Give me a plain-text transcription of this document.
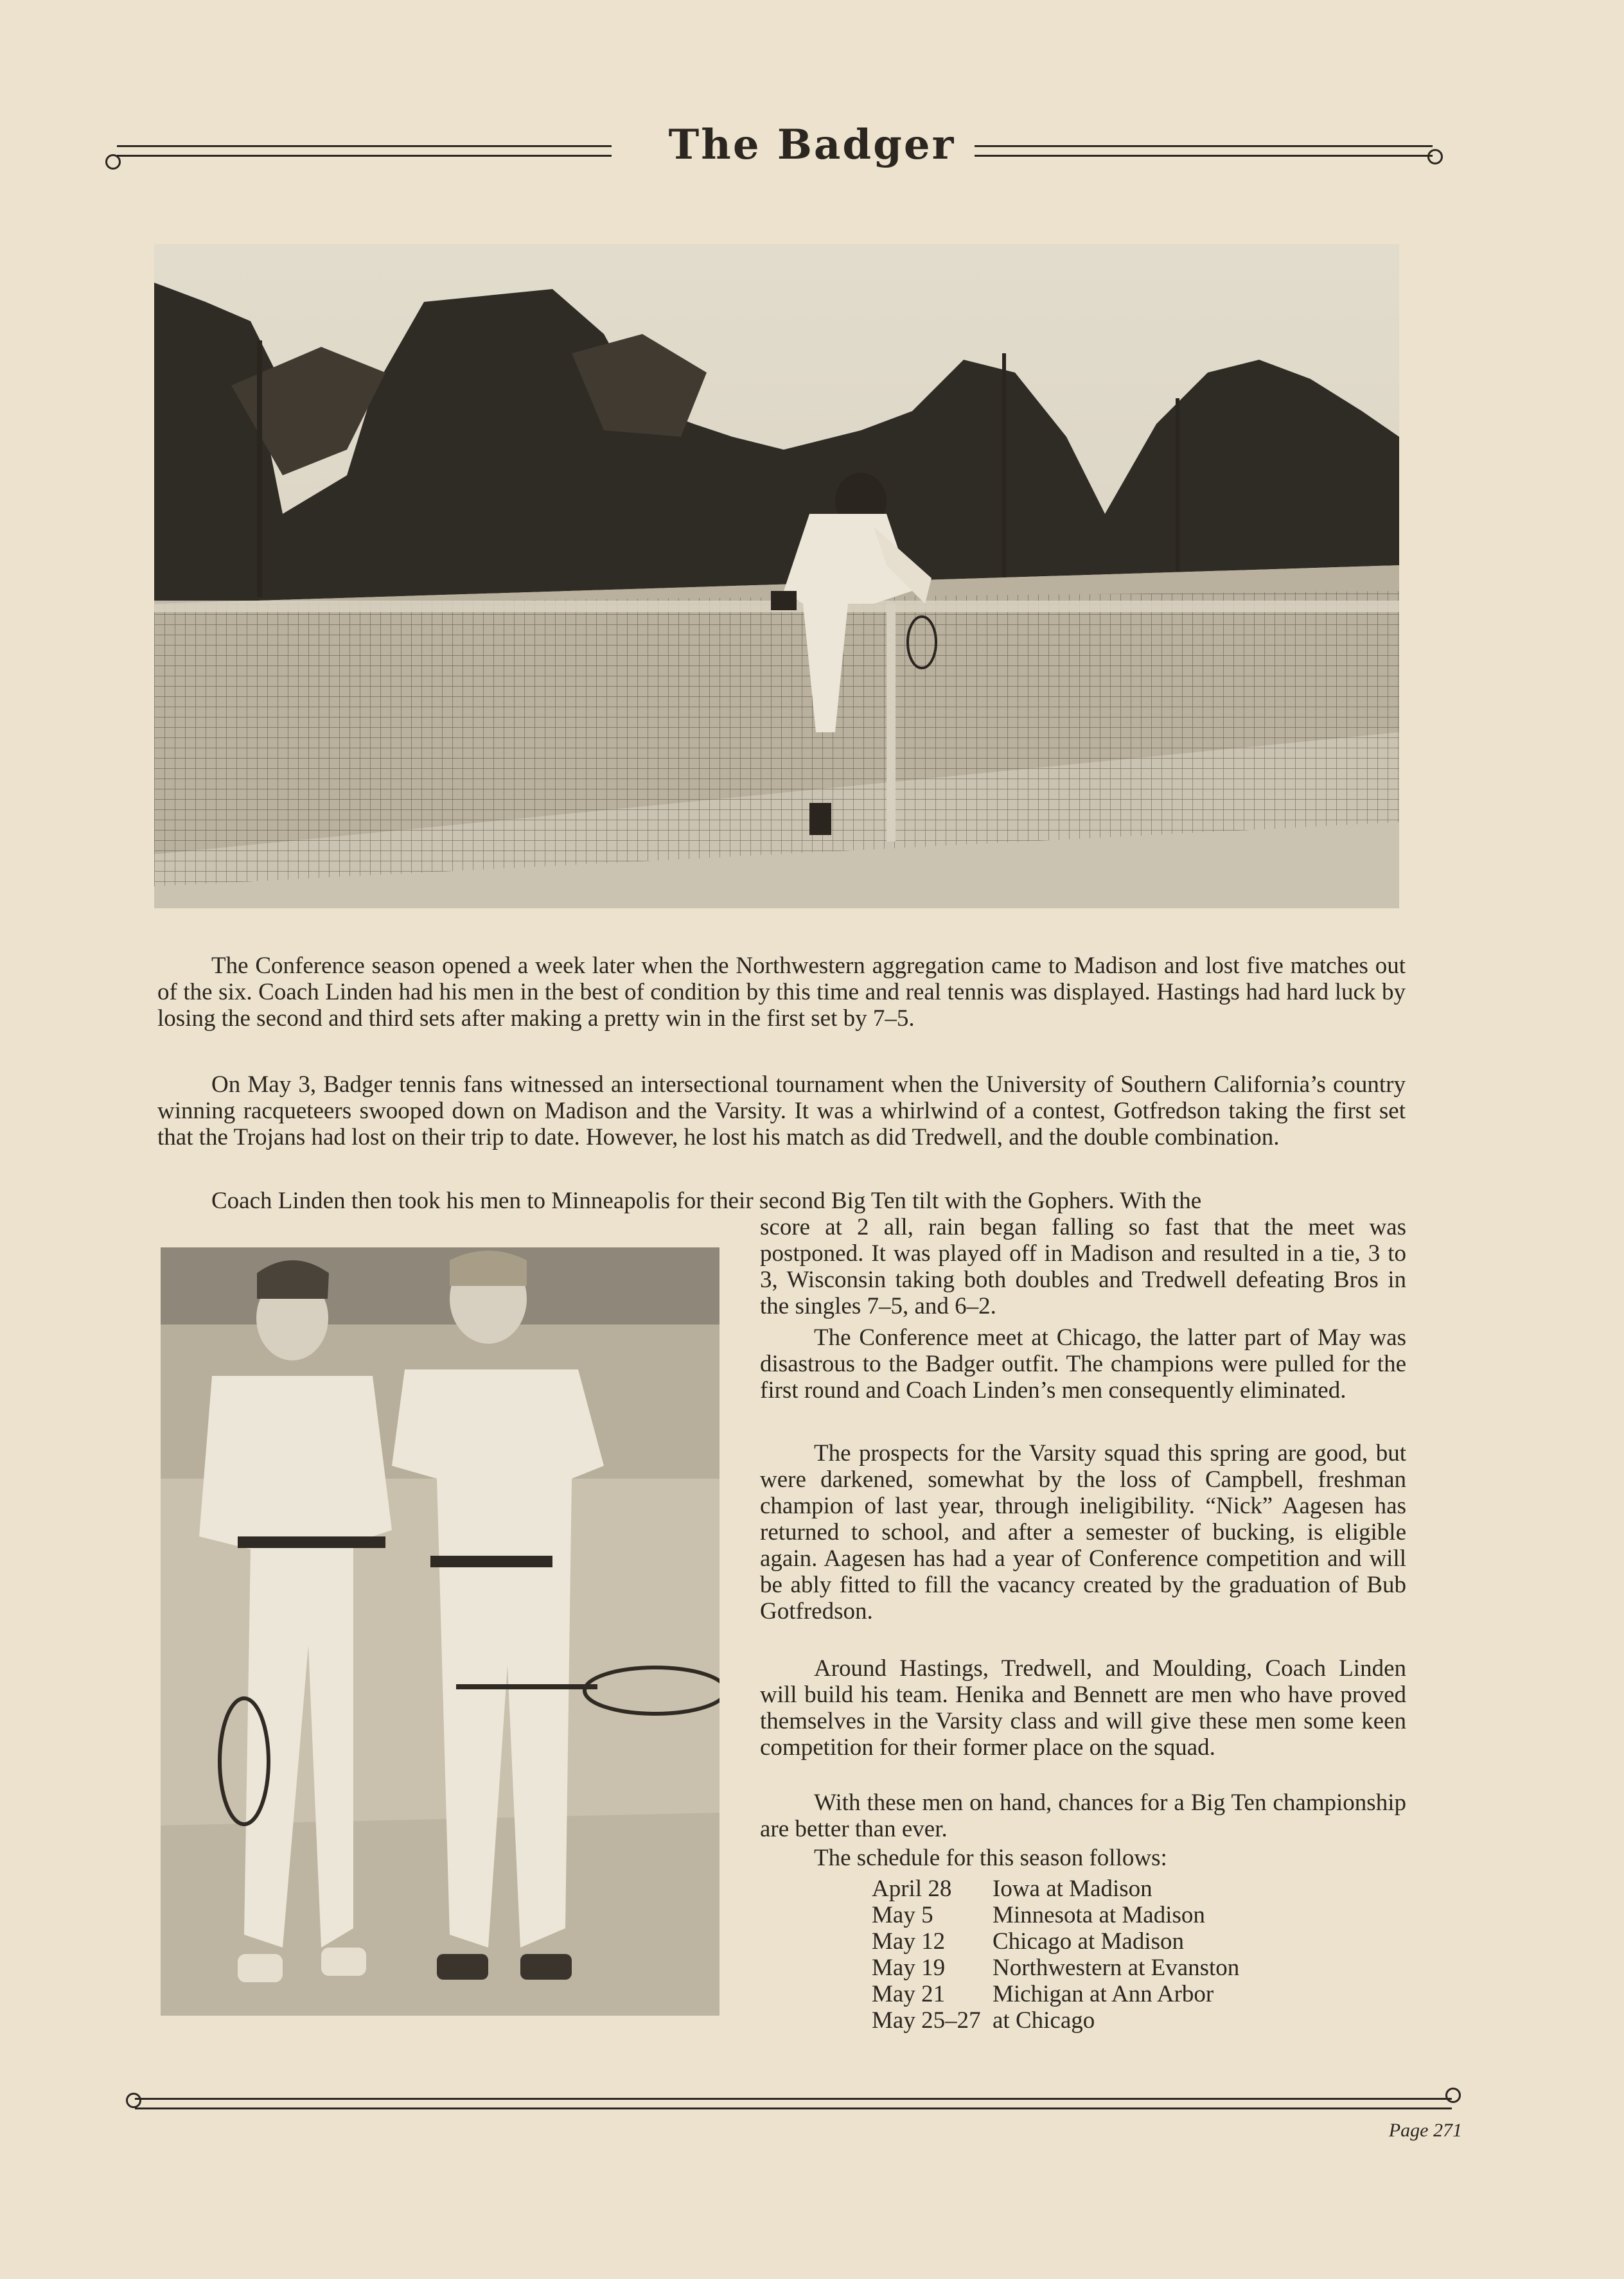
The Badger
The Conference season opened a week later when the Northwestern aggregation came to Madison and lost five matches out of the six. Coach Linden had his men in the best of condition by this time and real tennis was displayed. Hastings had hard luck by losing the second and third sets after making a pretty win in the first set by 7–5.
On May 3, Badger tennis fans witnessed an intersectional tournament when the University of Southern California’s country winning racqueteers swooped down on Madison and the Varsity. It was a whirlwind of a contest, Gotfredson taking the first set that the Trojans had lost on their trip to date. However, he lost his match as did Tredwell, and the double combination.
Coach Linden then took his men to Minneapolis for their second Big Ten tilt with the Gophers. With the
score at 2 all, rain began falling so fast that the meet was postponed. It was played off in Madison and resulted in a tie, 3 to 3, Wisconsin taking both doubles and Tredwell defeating Bros in the singles 7–5, and 6–2.
The Conference meet at Chicago, the latter part of May was disastrous to the Badger outfit. The champions were pulled for the first round and Coach Linden’s men consequently eliminated.
The prospects for the Varsity squad this spring are good, but were darkened, somewhat by the loss of Campbell, freshman champion of last year, through ineligibility. “Nick” Aagesen has returned to school, and after a semester of bucking, is eligible again. Aagesen has had a year of Conference competition and will be ably fitted to fill the vacancy created by the graduation of Bub Gotfredson.
Around Hastings, Tredwell, and Moulding, Coach Linden will build his team. Henika and Bennett are men who have proved themselves in the Varsity class and will give these men some keen competition for their former place on the squad.
With these men on hand, chances for a Big Ten championship are better than ever.
The schedule for this season follows:
April 28	Iowa at Madison
May 5	Minnesota at Madison
May 12	Chicago at Madison
May 19	Northwestern at Evanston
May 21	Michigan at Ann Arbor
May 25–27 at Chicago
Page 271
